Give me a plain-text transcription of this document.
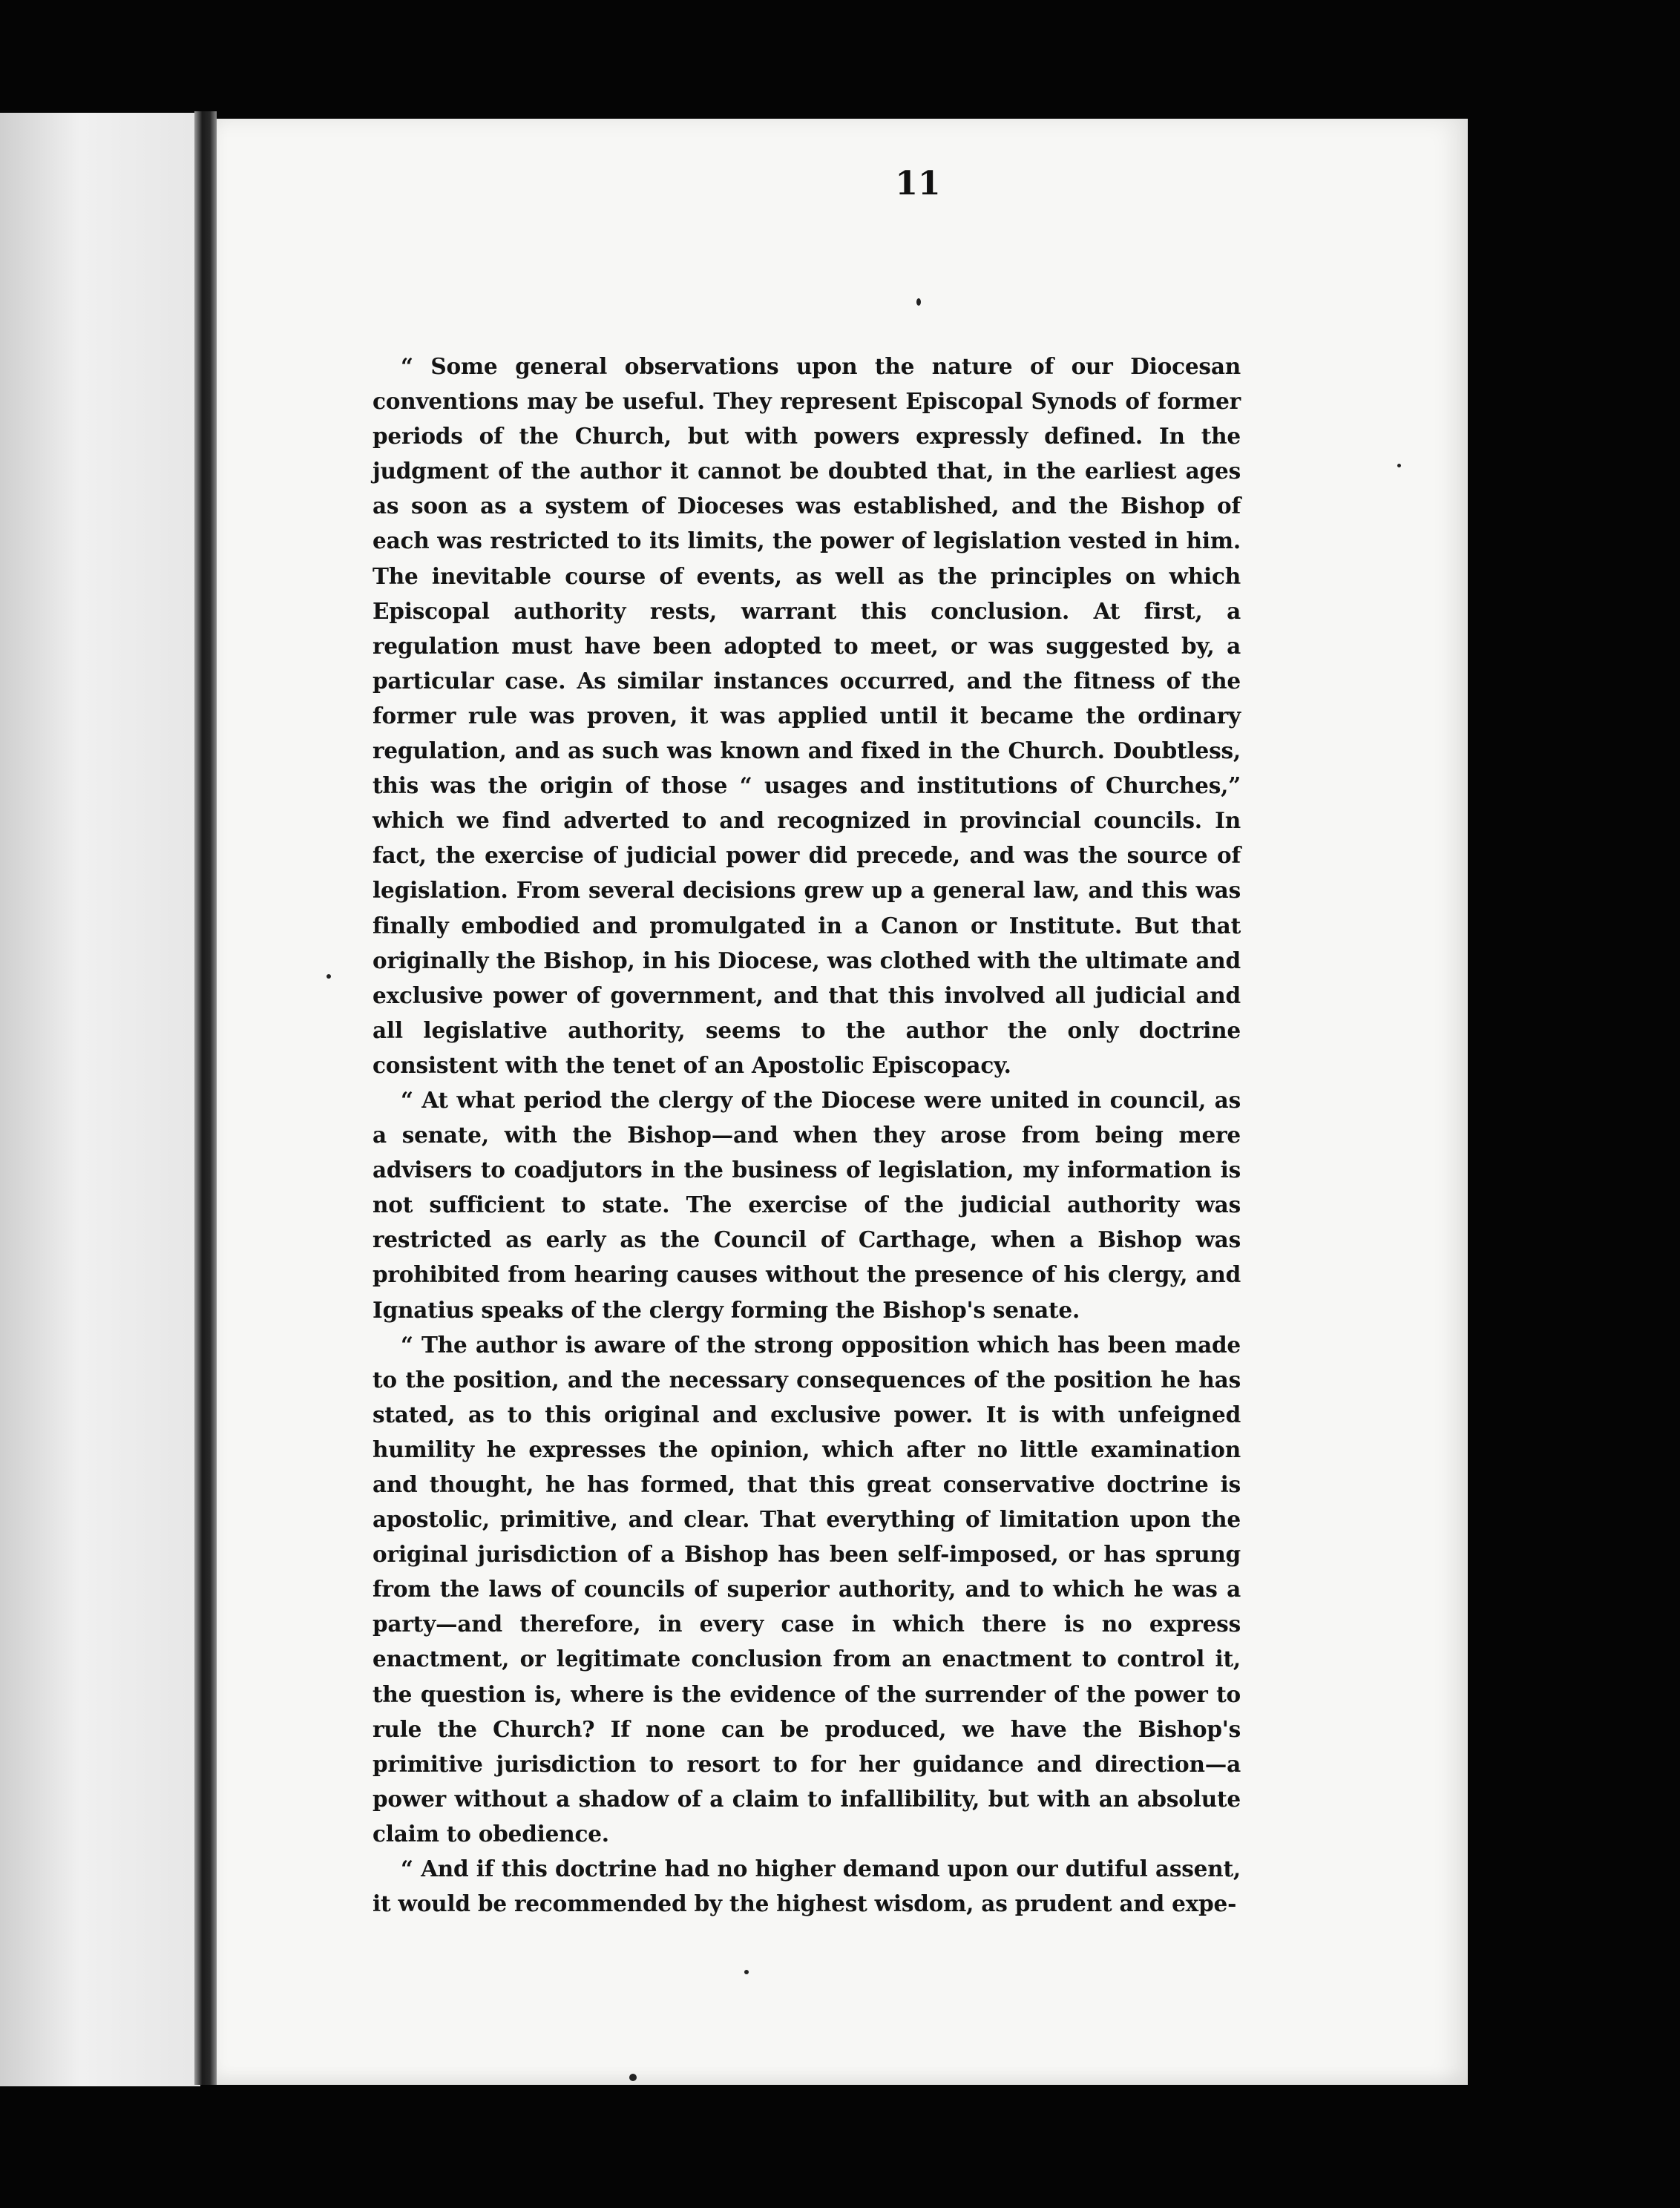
11

“ Some general observations upon the nature of our Diocesan conventions may be useful. They represent Episcopal Synods of former periods of the Church, but with powers expressly defined. In the judgment of the author it cannot be doubted that, in the earliest ages as soon as a system of Dioceses was established, and the Bishop of each was restricted to its limits, the power of legislation vested in him. The inevitable course of events, as well as the principles on which Episcopal authority rests, warrant this conclusion. At first, a regulation must have been adopted to meet, or was suggested by, a particular case. As similar instances occurred, and the fitness of the former rule was proven, it was applied until it became the ordinary regulation, and as such was known and fixed in the Church. Doubtless, this was the origin of those “ usages and institutions of Churches,” which we find adverted to and recognized in provincial councils. In fact, the exercise of judicial power did precede, and was the source of legislation. From several decisions grew up a general law, and this was finally embodied and promulgated in a Canon or Institute. But that originally the Bishop, in his Diocese, was clothed with the ultimate and exclusive power of government, and that this involved all judicial and all legislative authority, seems to the author the only doctrine consistent with the tenet of an Apostolic Episcopacy.

“ At what period the clergy of the Diocese were united in council, as a senate, with the Bishop—and when they arose from being mere advisers to coadjutors in the business of legislation, my information is not sufficient to state. The exercise of the judicial authority was restricted as early as the Council of Carthage, when a Bishop was prohibited from hearing causes without the presence of his clergy, and Ignatius speaks of the clergy forming the Bishop's senate.

“ The author is aware of the strong opposition which has been made to the position, and the necessary consequences of the position he has stated, as to this original and exclusive power. It is with unfeigned humility he expresses the opinion, which after no little examination and thought, he has formed, that this great conservative doctrine is apostolic, primitive, and clear. That everything of limitation upon the original jurisdiction of a Bishop has been self-imposed, or has sprung from the laws of councils of superior authority, and to which he was a party—and therefore, in every case in which there is no express enactment, or legitimate conclusion from an enactment to control it, the question is, where is the evidence of the surrender of the power to rule the Church? If none can be produced, we have the Bishop's primitive jurisdiction to resort to for her guidance and direction—a power without a shadow of a claim to infallibility, but with an absolute claim to obedience.

“ And if this doctrine had no higher demand upon our dutiful assent, it would be recommended by the highest wisdom, as prudent and expe-
